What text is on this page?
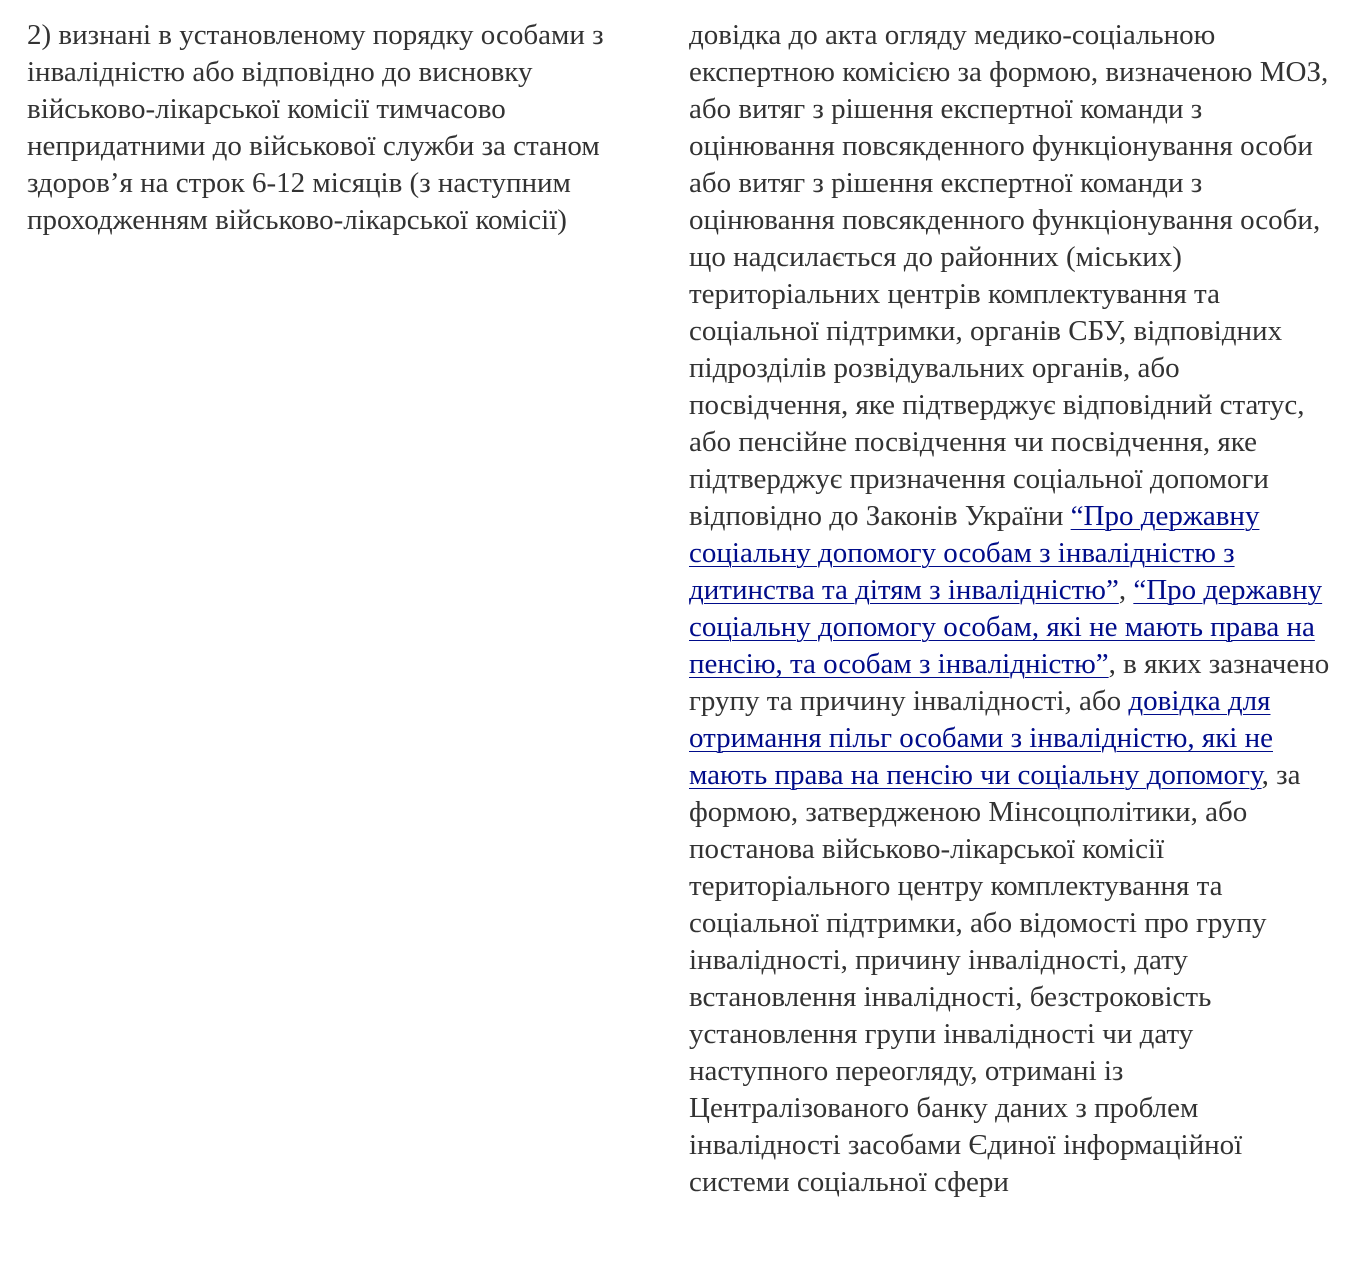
2) визнані в установленому порядку особами з інвалідністю або відповідно до висновку військово-лікарської комісії тимчасово непридатними до військової служби за станом здоров’я на строк 6-12 місяців (з наступним проходженням військово-лікарської комісії)

довідка до акта огляду медико-соціальною експертною комісією за формою, визначеною МОЗ, або витяг з рішення експертної команди з оцінювання повсякденного функціонування особи або витяг з рішення експертної команди з оцінювання повсякденного функціонування особи, що надсилається до районних (міських) територіальних центрів комплектування та соціальної підтримки, органів СБУ, відповідних підрозділів розвідувальних органів, або посвідчення, яке підтверджує відповідний статус, або пенсійне посвідчення чи посвідчення, яке підтверджує призначення соціальної допомоги відповідно до Законів України “Про державну соціальну допомогу особам з інвалідністю з дитинства та дітям з інвалідністю”, “Про державну соціальну допомогу особам, які не мають права на пенсію, та особам з інвалідністю”, в яких зазначено групу та причину інвалідності, або довідка для отримання пільг особами з інвалідністю, які не мають права на пенсію чи соціальну допомогу, за формою, затвердженою Мінсоцполітики, або постанова військово-лікарської комісії територіального центру комплектування та соціальної підтримки, або відомості про групу інвалідності, причину інвалідності, дату встановлення інвалідності, безстроковість установлення групи інвалідності чи дату наступного переогляду, отримані із Централізованого банку даних з проблем інвалідності засобами Єдиної інформаційної системи соціальної сфери
